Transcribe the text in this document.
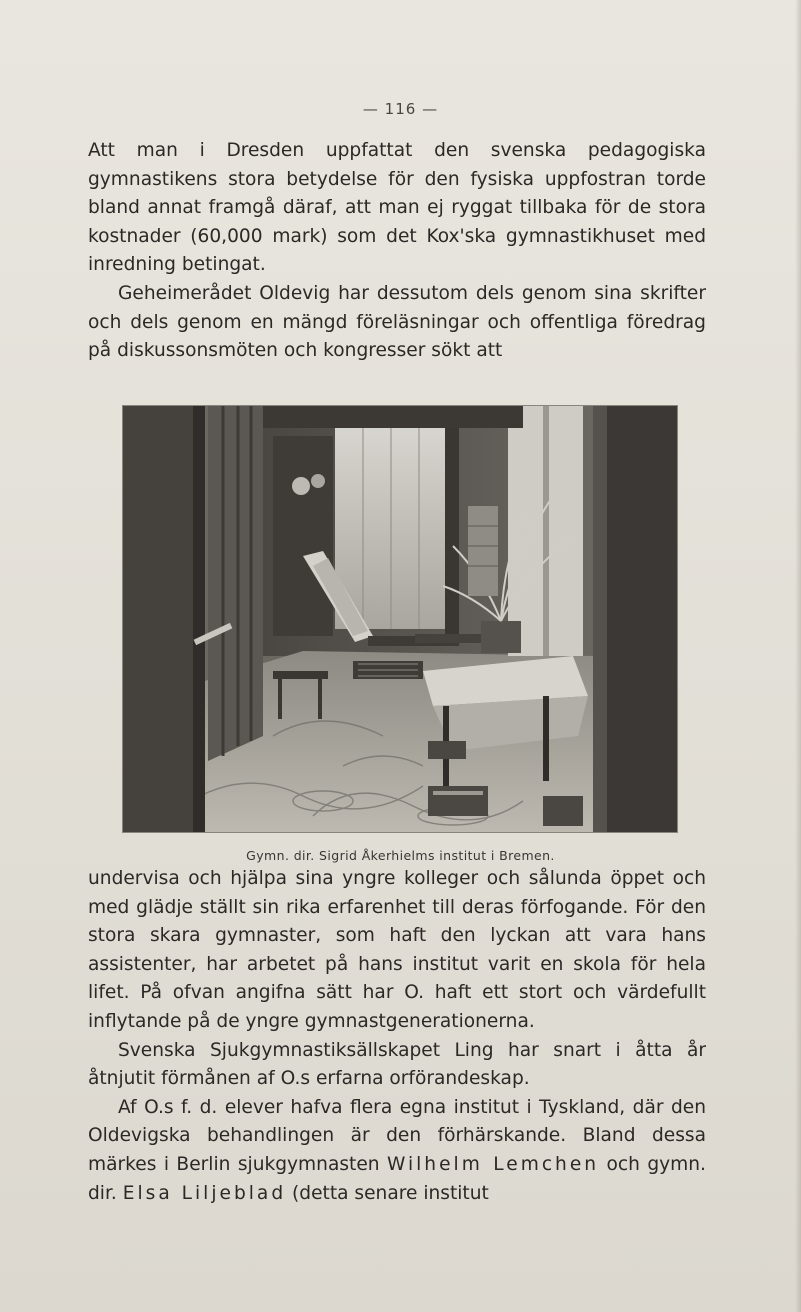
— 116 —

Att man i Dresden uppfattat den svenska pedagogiska gymnastikens stora betydelse för den fysiska uppfostran torde bland annat framgå däraf, att man ej ryggat tillbaka för de stora kostnader (60,000 mark) som det Kox'ska gymnastikhuset med inredning betingat.

Geheimerådet Oldevig har dessutom dels genom sina skrifter och dels genom en mängd föreläsningar och offentliga föredrag på diskussonsmöten och kongresser sökt att

Gymn. dir. Sigrid Åkerhielms institut i Bremen.

undervisa och hjälpa sina yngre kolleger och sålunda öppet och med glädje ställt sin rika erfarenhet till deras förfogande. För den stora skara gymnaster, som haft den lyckan att vara hans assistenter, har arbetet på hans institut varit en skola för hela lifet. På ofvan angifna sätt har O. haft ett stort och värdefullt inflytande på de yngre gymnastgenerationerna.

Svenska Sjukgymnastiksällskapet Ling har snart i åtta år åtnjutit förmånen af O.s erfarna orförandeskap.

Af O.s f. d. elever hafva flera egna institut i Tyskland, där den Oldevigska behandlingen är den förhärskande. Bland dessa märkes i Berlin sjukgymnasten Wilhelm Lemchen och gymn. dir. Elsa Liljeblad (detta senare institut
